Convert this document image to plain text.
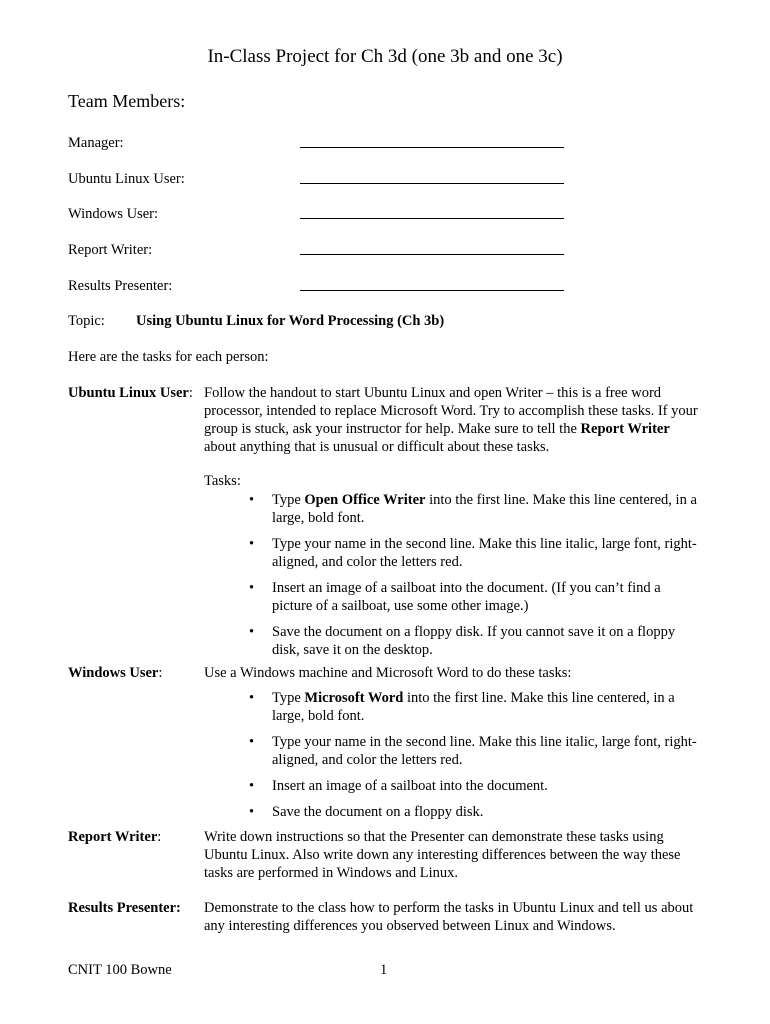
In-Class Project for Ch 3d (one 3b and one 3c)
Team Members:
Manager:
Ubuntu Linux User:
Windows User:
Report Writer:
Results Presenter:
Topic: Using Ubuntu Linux for Word Processing (Ch 3b)
Here are the tasks for each person:
Ubuntu Linux User: Follow the handout to start Ubuntu Linux and open Writer – this is a free word processor, intended to replace Microsoft Word. Try to accomplish these tasks. If your group is stuck, ask your instructor for help. Make sure to tell the Report Writer about anything that is unusual or difficult about these tasks.
Tasks:
• Type Open Office Writer into the first line. Make this line centered, in a large, bold font.
• Type your name in the second line. Make this line italic, large font, right-aligned, and color the letters red.
• Insert an image of a sailboat into the document. (If you can’t find a picture of a sailboat, use some other image.)
• Save the document on a floppy disk. If you cannot save it on a floppy disk, save it on the desktop.
Windows User:	Use a Windows machine and Microsoft Word to do these tasks:
• Type Microsoft Word into the first line. Make this line centered, in a large, bold font.
• Type your name in the second line. Make this line italic, large font, right-aligned, and color the letters red.
• Insert an image of a sailboat into the document.
• Save the document on a floppy disk.
Report Writer:	Write down instructions so that the Presenter can demonstrate these tasks using Ubuntu Linux. Also write down any interesting differences between the way these tasks are performed in Windows and Linux.
Results Presenter: Demonstrate to the class how to perform the tasks in Ubuntu Linux and tell us about any interesting differences you observed between Linux and Windows.
CNIT 100 Bowne	1
